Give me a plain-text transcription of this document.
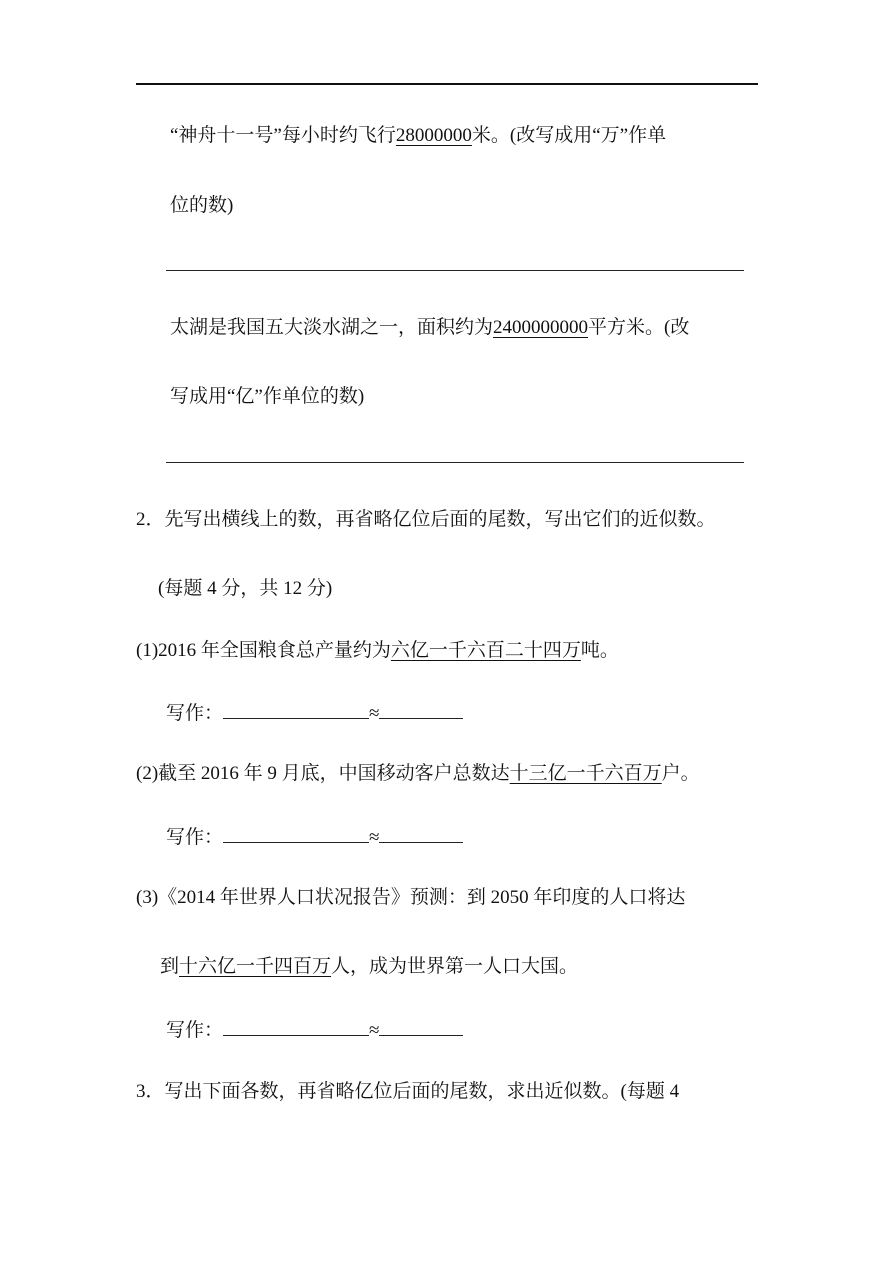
“神舟十一号”每小时约飞行28000000米。(改写成用“万”作单
位的数)
太湖是我国五大淡水湖之一，面积约为2400000000平方米。(改
写成用“亿”作单位的数)
2．先写出横线上的数，再省略亿位后面的尾数，写出它们的近似数。
(每题 4 分，共 12 分)
(1)2016 年全国粮食总产量约为六亿一千六百二十四万吨。
写作：	≈
(2)截至 2016 年 9 月底，中国移动客户总数达十三亿一千六百万户。
写作：	≈
(3)《2014 年世界人口状况报告》预测：到 2050 年印度的人口将达
到十六亿一千四百万人，成为世界第一人口大国。
写作：	≈
3．写出下面各数，再省略亿位后面的尾数，求出近似数。(每题 4
